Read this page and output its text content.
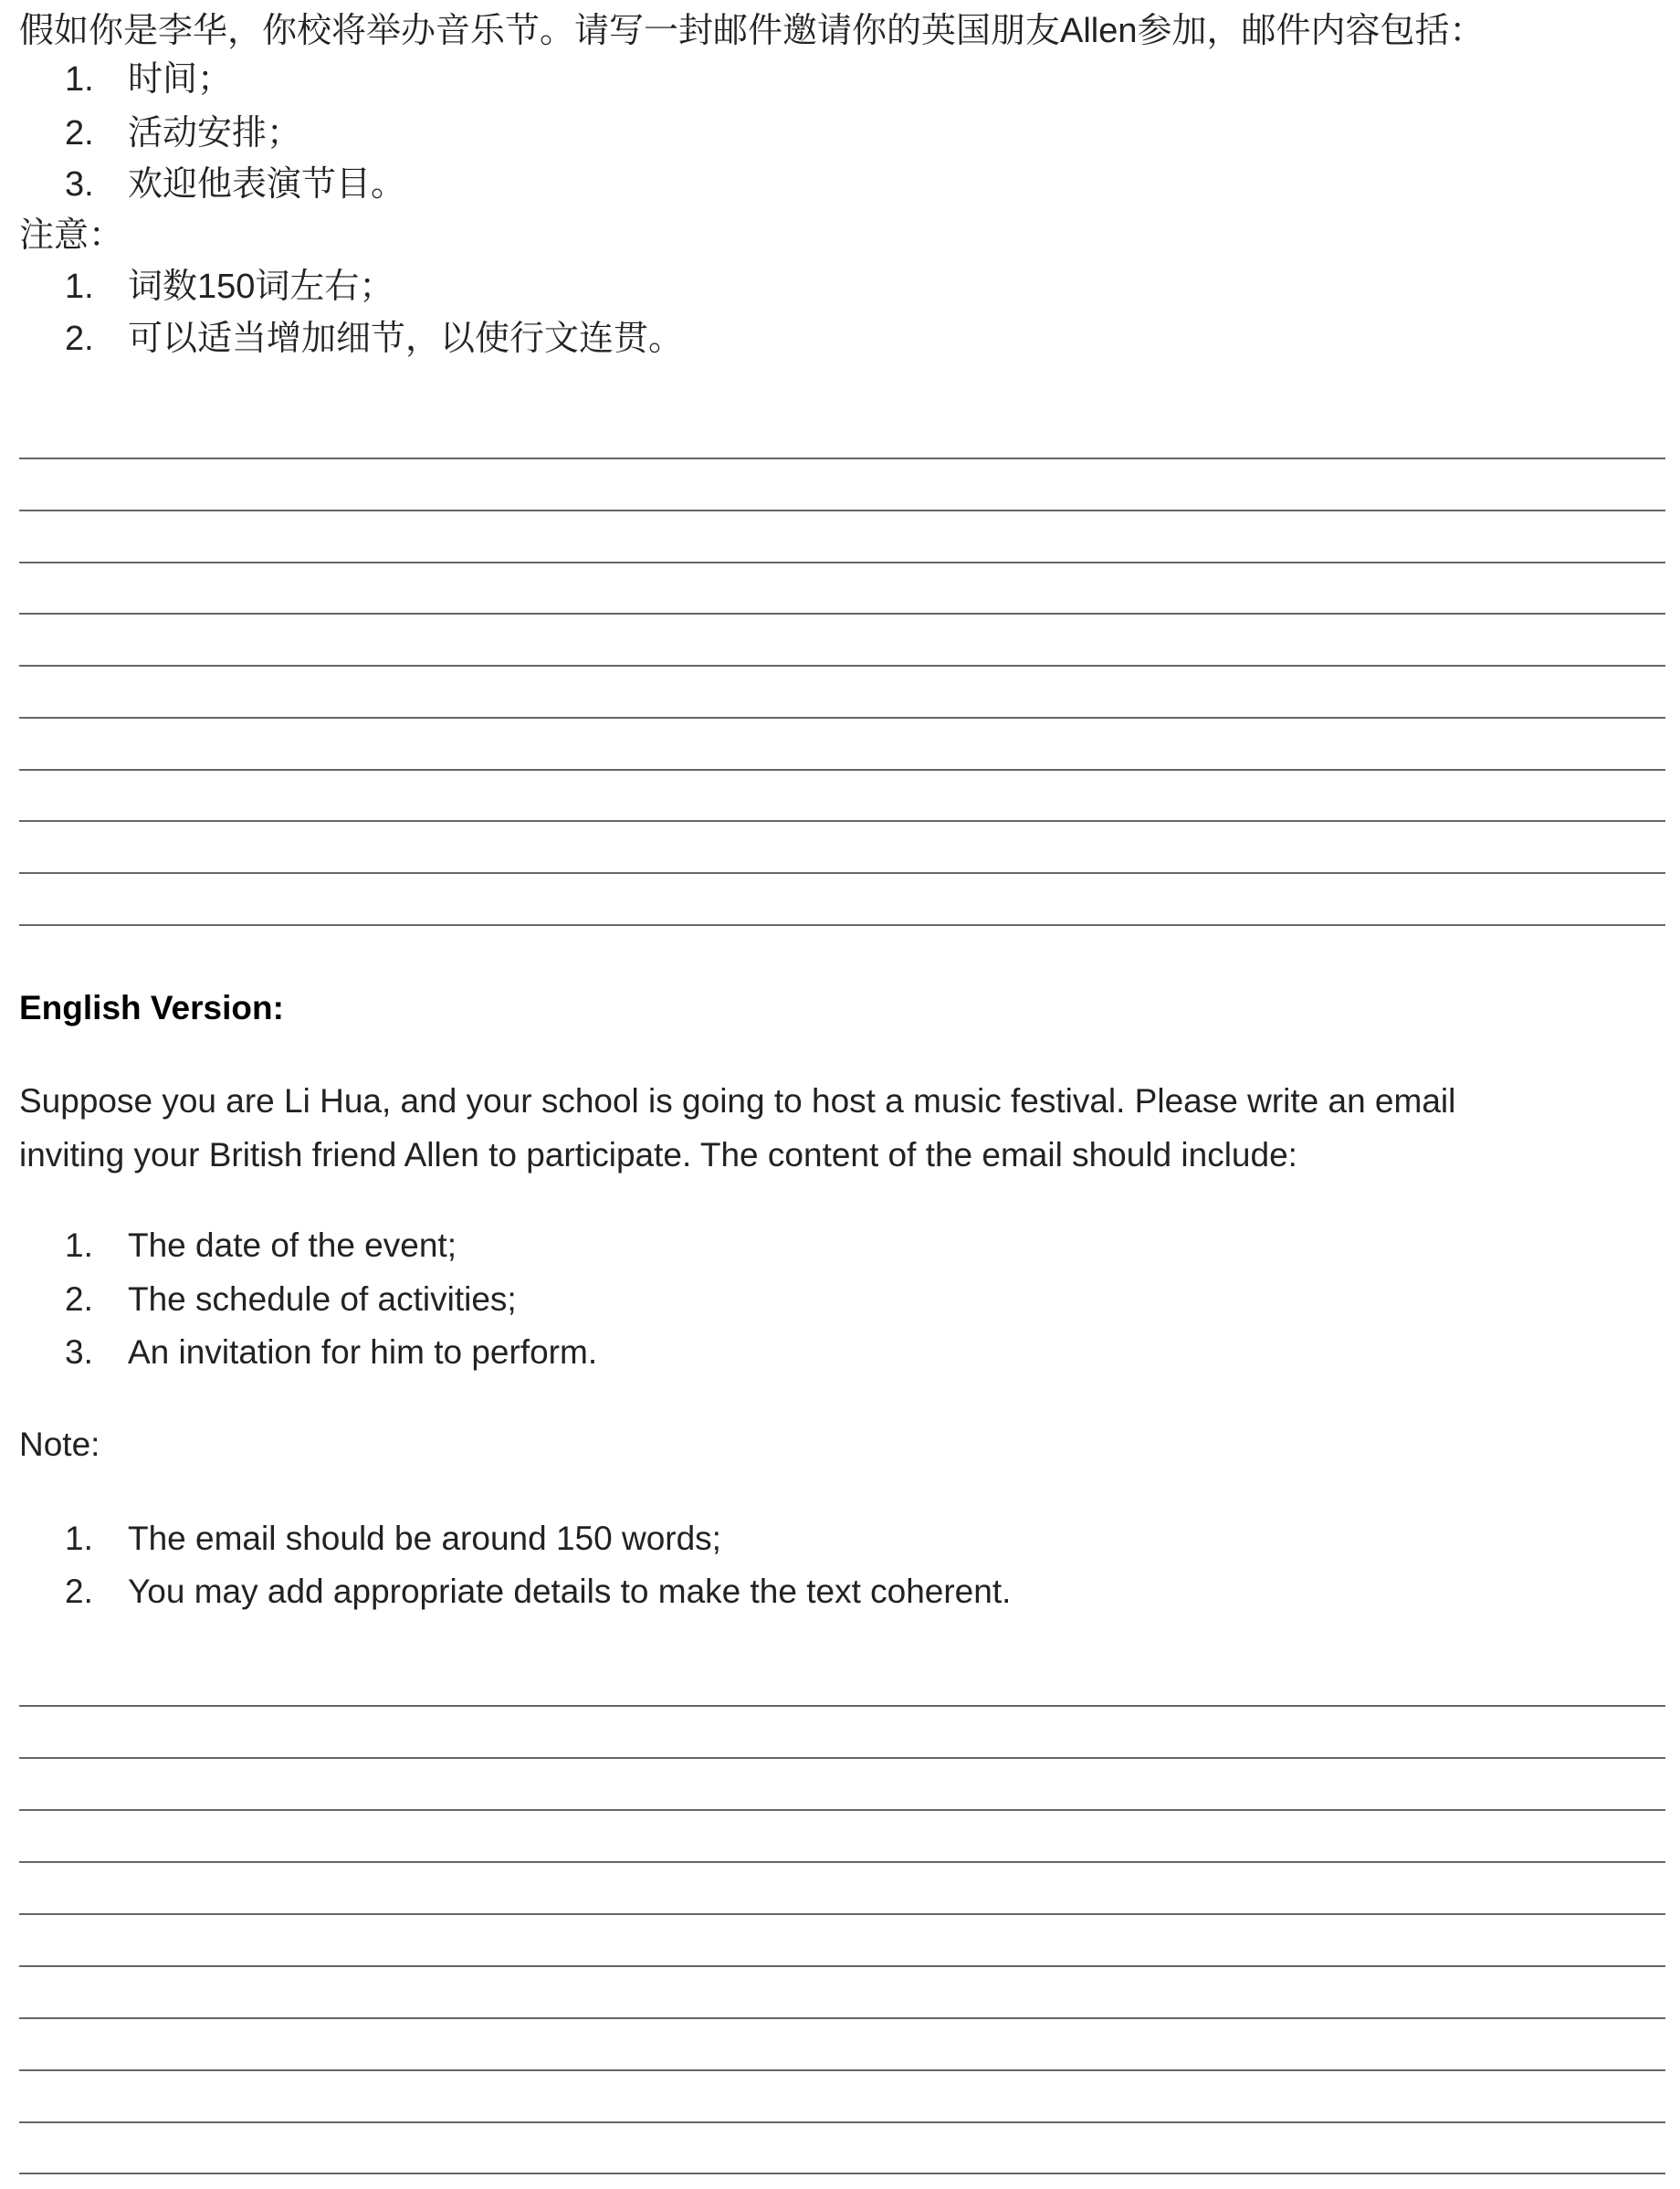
假如你是李华，你校将举办音乐节。请写一封邮件邀请你的英国朋友Allen参加，邮件内容包括：
1. 时间；
2. 活动安排；
3. 欢迎他表演节目。
注意：
1. 词数150词左右；
2. 可以适当增加细节，以使行文连贯。
English Version:
Suppose you are Li Hua, and your school is going to host a music festival. Please write an email
inviting your British friend Allen to participate. The content of the email should include:
1. The date of the event;
2. The schedule of activities;
3. An invitation for him to perform.
Note:
1. The email should be around 150 words;
2. You may add appropriate details to make the text coherent.
